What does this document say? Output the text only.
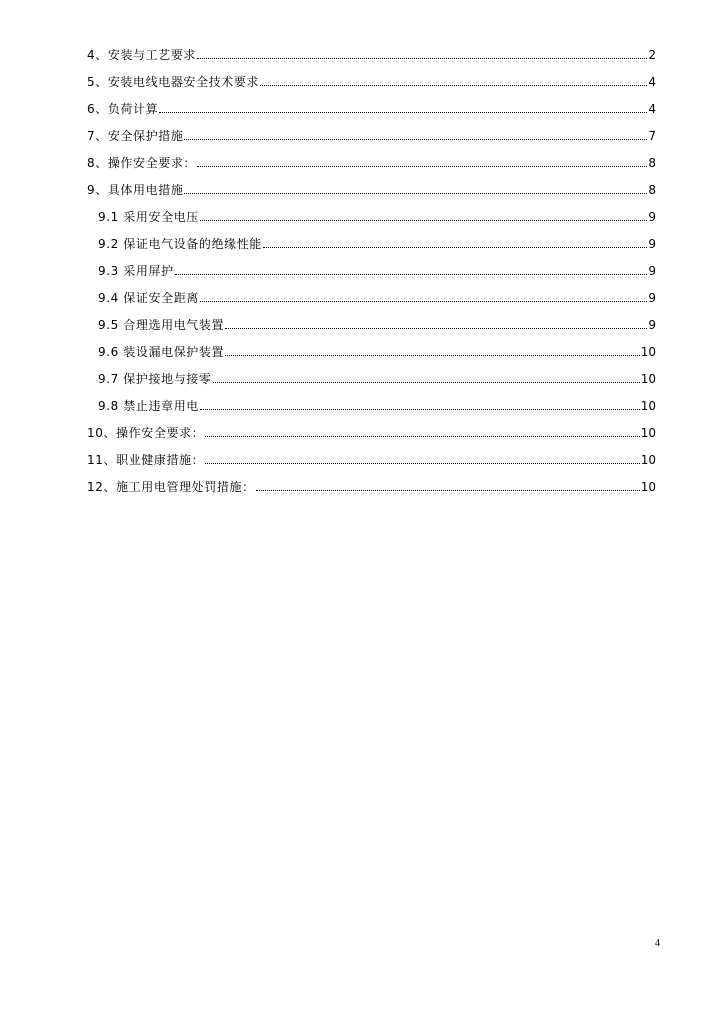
4、安装与工艺要求	2
5、安装电线电器安全技术要求	4
6、负荷计算	4
7、安全保护措施	7
8、操作安全要求：	8
9、具体用电措施	8
9.1 采用安全电压	9
9.2 保证电气设备的绝缘性能	9
9.3 采用屏护	9
9.4 保证安全距离	9
9.5 合理选用电气装置	9
9.6 装设漏电保护装置	10
9.7 保护接地与接零	10
9.8 禁止违章用电	10
10、操作安全要求：	10
11、职业健康措施：	10
12、施工用电管理处罚措施：	10
4
